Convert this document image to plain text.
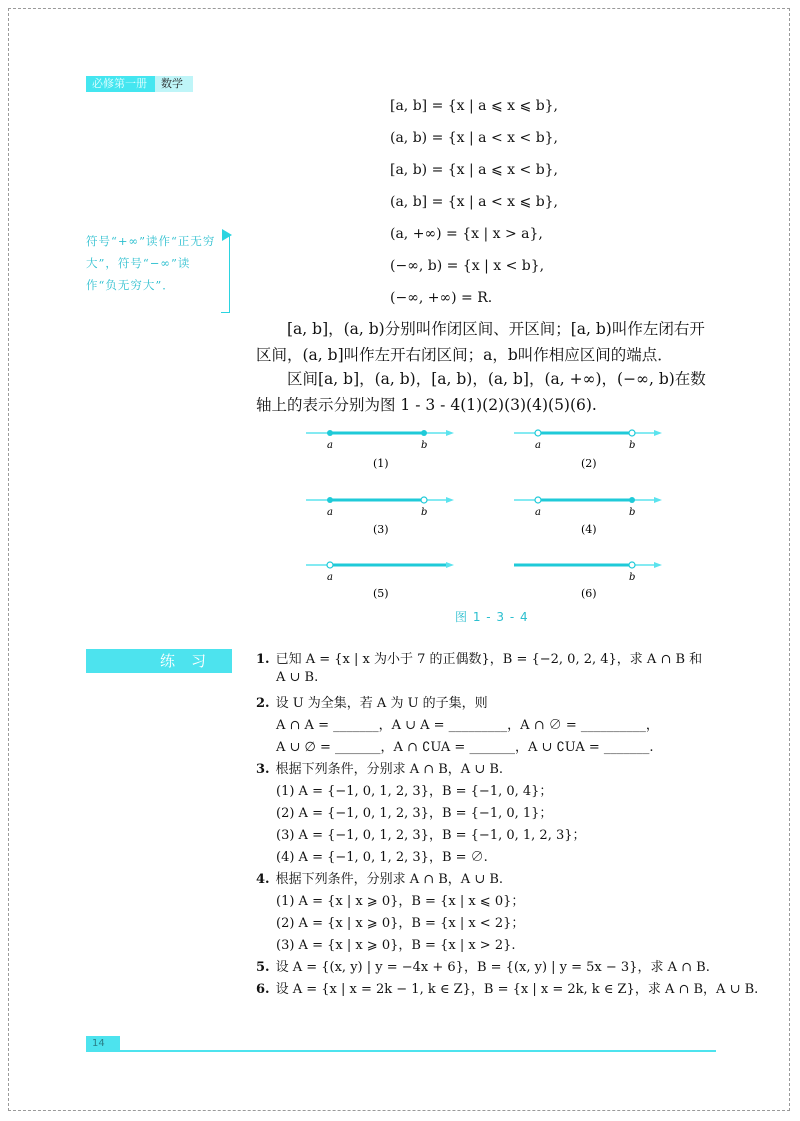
必修第一册	数学
[a, b] = {x | a ⩽ x ⩽ b},
(a, b) = {x | a < x < b},
[a, b) = {x | a ⩽ x < b},
(a, b] = {x | a < x ⩽ b},
(a, +∞) = {x | x > a},
(−∞, b) = {x | x < b},
(−∞, +∞) = R.
符号“+∞”读作“正无穷大”，符号“−∞”读作“负无穷大”．

[a, b]，(a, b)分别叫作闭区间、开区间；[a, b)叫作左闭右开区间，(a, b]叫作左开右闭区间；a，b叫作相应区间的端点．

区间[a, b]，(a, b)，[a, b)，(a, b]，(a, +∞)，(−∞, b)在数轴上的表示分别为图 1 - 3 - 4(1)(2)(3)(4)(5)(6).

a	b	a	b
a	b	a	b
a	b
(1)	(2)
(3)	(4)
(5)	(6)
图 1 - 3 - 4
练习	1. 已知 A = {x | x 为小于 7 的正偶数}，B = {−2, 0, 2, 4}，求 A ∩ B 和
A ∪ B.
2. 设 U 为全集，若 A 为 U 的子集，则
A ∩ A = _______，A ∪ A = _________，A ∩ ∅ = __________，
A ∪ ∅ = _______，A ∩ ∁UA = _______，A ∪ ∁UA = _______.
3. 根据下列条件，分别求 A ∩ B，A ∪ B.
(1) A = {−1, 0, 1, 2, 3}，B = {−1, 0, 4}；
(2) A = {−1, 0, 1, 2, 3}，B = {−1, 0, 1}；
(3) A = {−1, 0, 1, 2, 3}，B = {−1, 0, 1, 2, 3}；
(4) A = {−1, 0, 1, 2, 3}，B = ∅.
4. 根据下列条件，分别求 A ∩ B，A ∪ B.
(1) A = {x | x ⩾ 0}，B = {x | x ⩽ 0}；
(2) A = {x | x ⩾ 0}，B = {x | x < 2}；
(3) A = {x | x ⩾ 0}，B = {x | x > 2}.
5. 设 A = {(x, y) | y = −4x + 6}，B = {(x, y) | y = 5x − 3}，求 A ∩ B.
6. 设 A = {x | x = 2k − 1, k ∈ Z}，B = {x | x = 2k, k ∈ Z}，求 A ∩ B，A ∪ B.
14
